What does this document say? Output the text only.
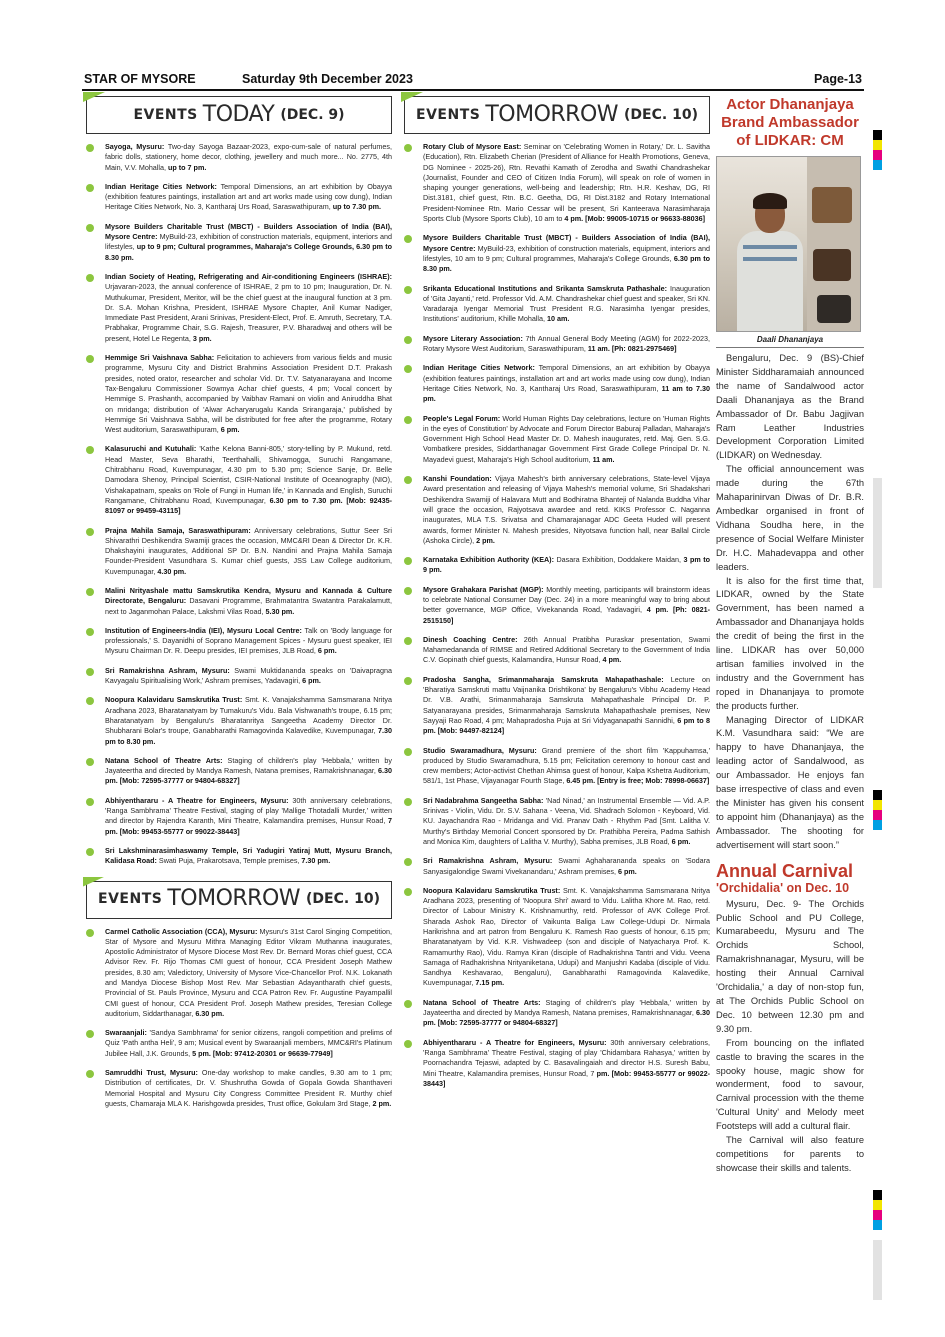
STAR OF MYSORE	Saturday 9th December 2023	Page-13
EVENTS TODAY (DEC. 9)
Sayoga, Mysuru: Two-day Sayoga Bazaar-2023, expo-cum-sale of natural perfumes, fabric dolls, stationery, home decor, clothing, jewellery and much more... No. 2775, 4th Main, V.V. Mohalla, up to 7 pm.
Indian Heritage Cities Network: Temporal Dimensions, an art exhibition by Obayya (exhibition features paintings, installation art and art works made using cow dung), Indian Heritage Cities Network, No. 3, Kantharaj Urs Road, Saraswathipuram, up to 7.30 pm.
Mysore Builders Charitable Trust (MBCT) - Builders Association of India (BAI), Mysore Centre: MyBuild-23, exhibition of construction materials, equipment, interiors and lifestyles, up to 9 pm; Cultural programmes, Maharaja's College Grounds, 6.30 pm to 8.30 pm.
Indian Society of Heating, Refrigerating and Air-conditioning Engineers (ISHRAE): Urjavaran-2023, the annual conference of ISHRAE, 2 pm to 10 pm; Inauguration, Dr. N. Muthukumar, President, Meritor, will be the chief guest at the inaugural function at 3 pm. Dr. S.A. Mohan Krishna, President, ISHRAE Mysore Chapter, Anil Kumar Nadiger, Immediate Past President, Arani Srinivas, President-Elect, Prof. E. Amruth, Secretary, T.A. Prabhakar, Programme Chair, S.G. Rajesh, Treasurer, P.V. Bharadwaj and others will be present, Hotel Le Regenta, 3 pm.
Hemmige Sri Vaishnava Sabha: Felicitation to achievers from various fields and music programme, Mysuru City and District Brahmins Association President D.T. Prakash presides, noted orator, researcher and scholar Vid. Dr. T.V. Satyanarayana and Income Tax-Bengaluru Commissioner Sowmya Achar chief guests, 4 pm; Vocal concert by Hemmige S. Prashanth, accompanied by Vaibhav Ramani on violin and Aniruddha Bhat on mridanga; distribution of 'Alwar Acharyarugalu Kanda Srirangaraja,' published by Hemmige Sri Vaishnava Sabha, will be distributed for free after the programme, Rotary West auditorium, Saraswathipuram, 6 pm.
Kalasuruchi and Kutuhali: 'Kathe Kelona Banni-805,' story-telling by P. Mukund, retd. Head Master, Seva Bharathi, Teerthahalli, Shivamogga, Suruchi Rangamane, Chitrabhanu Road, Kuvempunagar, 4.30 pm to 5.30 pm; Science Sanje, Dr. Belle Damodara Shenoy, Principal Scientist, CSIR-National Institute of Oceanography (NIO), Vishakapatnam, speaks on 'Role of Fungi in Human life,' in Kannada and English, Suruchi Rangamane, Chitrabhanu Road, Kuvempunagar, 6.30 pm to 7.30 pm. [Mob: 92435-81097 or 99459-43115]
Prajna Mahila Samaja, Saraswathipuram: Anniversary celebrations, Suttur Seer Sri Shivarathri Deshikendra Swamiji graces the occasion, MMC&RI Dean & Director Dr. K.R. Dhakshayini inaugurates, Additional SP Dr. B.N. Nandini and Prajna Mahila Samaja Founder-President Vasundhara S. Kumar chief guests, JSS Law College auditorium, Kuvempunagar, 4.30 pm.
Malini Nrityashale mattu Samskrutika Kendra, Mysuru and Kannada & Culture Directorate, Bengaluru: Dasavani Programme, Brahmatantra Swatantra Parakalamutt, next to Jaganmohan Palace, Lakshmi Vilas Road, 5.30 pm.
Institution of Engineers-India (IEI), Mysuru Local Centre: Talk on 'Body language for professionals,' S. Dayanidhi of Soprano Management Spices - Mysuru guest speaker, IEI Mysuru Chairman Dr. R. Deepu presides, IEI premises, JLB Road, 6 pm.
Sri Ramakrishna Ashram, Mysuru: Swami Muktidananda speaks on 'Daivapragna Kavyagalu Spiritualising Work,' Ashram premises, Yadavagiri, 6 pm.
Noopura Kalavidaru Samskrutika Trust: Smt. K. Vanajakshamma Samsmarana Nritya Aradhana 2023, Bharatanatyam by Tumakuru's Vidu. Bala Vishwanath's troupe, 6.15 pm; Bharatanatyam by Bengaluru's Bharatanritya Sangeetha Academy Director Dr. Shubharani Bolar's troupe, Ganabharathi Ramagovinda Kalavedike, Kuvempunagar, 7.30 pm to 8.30 pm.
Natana School of Theatre Arts: Staging of children's play 'Hebbala,' written by Jayateertha and directed by Mandya Ramesh, Natana premises, Ramakrishnanagar, 6.30 pm. [Mob: 72595-37777 or 94804-68327]
Abhiyenthararu - A Theatre for Engineers, Mysuru: 30th anniversary celebrations, 'Ranga Sambhrama' Theatre Festival, staging of play 'Mallige Thotadalli Murder,' written and director by Rajendra Karanth, Mini Theatre, Kalamandira premises, Hunsur Road, 7 pm. [Mob: 99453-55777 or 99022-38443]
Sri Lakshminarasimhaswamy Temple, Sri Yadugiri Yatiraj Mutt, Mysuru Branch, Kalidasa Road: Swati Puja, Prakarotsava, Temple premises, 7.30 pm.
EVENTS TOMORROW (DEC. 10)
Carmel Catholic Association (CCA), Mysuru: Mysuru's 31st Carol Singing Competition, Star of Mysore and Mysuru Mithra Managing Editor Vikram Muthanna inaugurates, Apostolic Administrator of Mysore Diocese Most Rev. Dr. Bernard Moras chief guest, CCA Advisor Rev. Fr. Rijo Thomas CMI guest of honour, CCA President Joseph Mathew presides, 8.30 am; Valedictory, University of Mysore Vice-Chancellor Prof. N.K. Lokanath and Mandya Diocese Bishop Most Rev. Mar Sebastian Adayantharath chief guests, Provincial of St. Pauls Province, Mysuru and CCA Patron Rev. Fr. Augustine Payampallil CMI guest of honour, CCA President Prof. Joseph Mathew presides, Teresian College auditorium, Siddarthanagar, 6.30 pm.
Swaraanjali: 'Sandya Sambhrama' for senior citizens, rangoli competition and prelims of Quiz 'Path antha Heli', 9 am; Musical event by Swaraanjali members, MMC&RI's Platinum Jubilee Hall, J.K. Grounds, 5 pm. [Mob: 97412-20301 or 96639-77949]
Samruddhi Trust, Mysuru: One-day workshop to make candles, 9.30 am to 1 pm; Distribution of certificates, Dr. V. Shushrutha Gowda of Gopala Gowda Shanthaveri Memorial Hospital and Mysuru City Congress Committee President R. Murthy chief guests, Chamaraja MLA K. Harishgowda presides, Trust office, Gokulam 3rd Stage, 2 pm.
EVENTS TOMORROW (DEC. 10)
Rotary Club of Mysore East: Seminar on 'Celebrating Women in Rotary,' Dr. L. Savitha (Education), Rtn. Elizabeth Cherian (President of Alliance for Health Promotions, Geneva, DG Nominee - 2025-26), Rtn. Revathi Kamath of Zerodha and Swathi Chandrashekar (Journalist, Founder and CEO of Citizen India Forum), will speak on role of women in shaping younger generations, well-being and leadership; Rtn. H.R. Keshav, DG, RI Dist.3181, chief guest, Rtn. B.C. Geetha, DG, RI Dist.3182 and Rotary International President-Nominee Rtn. Mario Cessar will be present, Sri Kanteerava Narasimharaja Sports Club (Mysore Sports Club), 10 am to 4 pm. [Mob: 99005-10715 or 96633-88036]
Mysore Builders Charitable Trust (MBCT) - Builders Association of India (BAI), Mysore Centre: MyBuild-23, exhibition of construction materials, equipment, interiors and lifestyles, 10 am to 9 pm; Cultural programmes, Maharaja's College Grounds, 6.30 pm to 8.30 pm.
Srikanta Educational Institutions and Srikanta Samskruta Pathashale: Inauguration of 'Gita Jayanti,' retd. Professor Vid. A.M. Chandrashekar chief guest and speaker, Sri KN. Varadaraja Iyengar Memorial Trust President R.G. Narasimha Iyengar presides, Institutions' auditorium, Khille Mohalla, 10 am.
Mysore Literary Association: 7th Annual General Body Meeting (AGM) for 2022-2023, Rotary Mysore West Auditorium, Saraswathipuram, 11 am. [Ph: 0821-2975469]
Indian Heritage Cities Network: Temporal Dimensions, an art exhibition by Obayya (exhibition features paintings, installation art and art works made using cow dung), Indian Heritage Cities Network, No. 3, Kantharaj Urs Road, Saraswathipuram, 11 am to 7.30 pm.
People's Legal Forum: World Human Rights Day celebrations, lecture on 'Human Rights in the eyes of Constitution' by Advocate and Forum Director Baburaj Palladan, Maharaja's Government High School Head Master Dr. D. Mahesh inaugurates, retd. Maj. Gen. S.G. Vombatkere presides, Siddarthanagar Government First Grade College Principal Dr. N. Mayadevi guest, Maharaja's High School auditorium, 11 am.
Kanshi Foundation: Vijaya Mahesh's birth anniversary celebrations, State-level Vijaya Award presentation and releasing of Vijaya Mahesh's memorial volume, Sri Shadakshari Deshikendra Swamiji of Halavara Mutt and Bodhiratna Bhanteji of Nalanda Buddha Vihar will grace the occasion, Rajyotsava awardee and retd. KIKS Professor C. Naganna inaugurates, MLA T.S. Srivatsa and Chamarajanagar ADC Geeta Huded will present awards, former Minister N. Mahesh presides, Nityotsava function hall, near Ballal Circle (Ashoka Circle), 2 pm.
Karnataka Exhibition Authority (KEA): Dasara Exhibition, Doddakere Maidan, 3 pm to 9 pm.
Mysore Grahakara Parishat (MGP): Monthly meeting, participants will brainstorm ideas to celebrate National Consumer Day (Dec. 24) in a more meaningful way to bring about better governance, MGP Office, Vivekananda Road, Yadavagiri, 4 pm. [Ph: 0821-2515150]
Dinesh Coaching Centre: 26th Annual Pratibha Puraskar presentation, Swami Mahamedananda of RIMSE and Retired Additional Secretary to the Government of India C.V. Gopinath chief guests, Kalamandira, Hunsur Road, 4 pm.
Pradosha Sangha, Srimanmaharaja Samskruta Mahapathashale: Lecture on 'Bharatiya Samskruti mattu Vaijnanika Drishtikona' by Bengaluru's Vibhu Academy Head Dr. V.B. Arathi, Srimanmaharaja Samskruta Mahapathashale Principal Dr. P. Satyanarayana presides, Srimanmaharaja Samskruta Mahapathashale premises, New Sayyaji Rao Road, 4 pm; Mahapradosha Puja at Sri Vidyaganapathi Sannidhi, 6 pm to 8 pm. [Mob: 94497-82124]
Studio Swaramadhura, Mysuru: Grand premiere of the short film 'Kappuhamsa,' produced by Studio Swaramadhura, 5.15 pm; Felicitation ceremony to honour cast and crew members; Actor-activist Chethan Ahimsa guest of honour, Kalpa Kshetra Auditorium, 581/1, 1st Phase, Vijayanagar Fourth Stage, 6.45 pm. [Entry is free; Mob: 78998-06637]
Sri Nadabrahma Sangeetha Sabha: 'Nad Ninad,' an Instrumental Ensemble — Vid. A.P. Srinivas - Violin, Vidu. Dr. S.V. Sahana - Veena, Vid. Shadrach Solomon - Keyboard, Vid. KU. Jayachandra Rao - Mridanga and Vid. Pranav Dath - Rhythm Pad [Smt. Lalitha V. Murthy's Birthday Memorial Concert sponsored by Dr. Prathibha Pereira, Padma Sathish and Monica Kim, daughters of Lalitha V. Murthy), Sabha premises, JLB Road, 6 pm.
Sri Ramakrishna Ashram, Mysuru: Swami Aghaharananda speaks on 'Sodara Sanyasigalondige Swami Vivekanandaru,' Ashram premises, 6 pm.
Noopura Kalavidaru Samskrutika Trust: Smt. K. Vanajakshamma Samsmarana Nritya Aradhana 2023, presenting of 'Noopura Shri' award to Vidu. Lalitha Khore M. Rao, retd. Director of Labour Ministry K. Krishnamurthy, retd. Professor of AVK College Prof. Sharada Ashok Rao, Director of Vaikunta Baliga Law College-Udupi Dr. Nirmala Harikrishna and art patron from Bengaluru K. Ramesh Rao guests of honour, 6.15 pm; Bharatanatyam by Vid. K.R. Vishwadeep (son and disciple of Natyacharya Prof. K. Ramamurthy Rao), Vidu. Ramya Kiran (disciple of Radhakrishna Tantri and Vidu. Veena Samaga of Radhakrishna Nrityaniketana, Udupi) and Manjushri Kadaba (disciple of Vidu. Sandhya Keshavarao, Bengaluru), Ganabharathi Ramagovinda Kalavedike, Kuvempunagar, 7.15 pm.
Natana School of Theatre Arts: Staging of children's play 'Hebbala,' written by Jayateertha and directed by Mandya Ramesh, Natana premises, Ramakrishnanagar, 6.30 pm. [Mob: 72595-37777 or 94804-68327]
Abhiyenthararu - A Theatre for Engineers, Mysuru: 30th anniversary celebrations, 'Ranga Sambhrama' Theatre Festival, staging of play 'Chidambara Rahasya,' written by Poornachandra Tejaswi, adapted by C. Basavalingaiah and director H.S. Suresh Babu, Mini Theatre, Kalamandira premises, Hunsur Road, 7 pm. [Mob: 99453-55777 or 99022-38443]
Actor Dhananjaya Brand Ambassador of LIDKAR: CM
Daali Dhananjaya

Bengaluru, Dec. 9 (BS)-Chief Minister Siddharamaiah announced the name of Sandalwood actor Daali Dhananjaya as the Brand Ambassador of Dr. Babu Jagjivan Ram Leather Industries Development Corporation Limited (LIDKAR) on Wednesday.

The official announcement was made during the 67th Mahaparinirvan Diwas of Dr. B.R. Ambedkar organised in front of Vidhana Soudha here, in the presence of Social Welfare Minister Dr. H.C. Mahadevappa and other leaders.

It is also for the first time that, LIDKAR, owned by the State Government, has been named a Ambassador and Dhananjaya holds the credit of being the first in the line. LIDKAR has over 50,000 artisan families involved in the industry and the Government has roped in Dhananjaya to promote the products further.

Managing Director of LIDKAR K.M. Vasundhara said: “We are happy to have Dhananjaya, the leading actor of Sandalwood, as our Ambassador. He enjoys fan base irrespective of class and even the Minister has given his consent to appoint him (Dhananjaya) as the Ambassador. The shooting for advertisement will start soon.”

Annual Carnival
'Orchidalia' on Dec. 10

Mysuru, Dec. 9- The Orchids Public School and PU College, Kumarabeedu, Mysuru and The Orchids School, Ramakrishnanagar, Mysuru, will be hosting their Annual Carnival 'Orchidalia,' a day of non-stop fun, at The Orchids Public School on Dec. 10 between 12.30 pm and 9.30 pm.

From bouncing on the inflated castle to braving the scares in the spooky house, magic show for wonderment, food to savour, Carnival procession with the theme 'Cultural Unity' and Melody meet Footsteps will add a cultural flair.

The Carnival will also feature competitions for parents to showcase their skills and talents.
